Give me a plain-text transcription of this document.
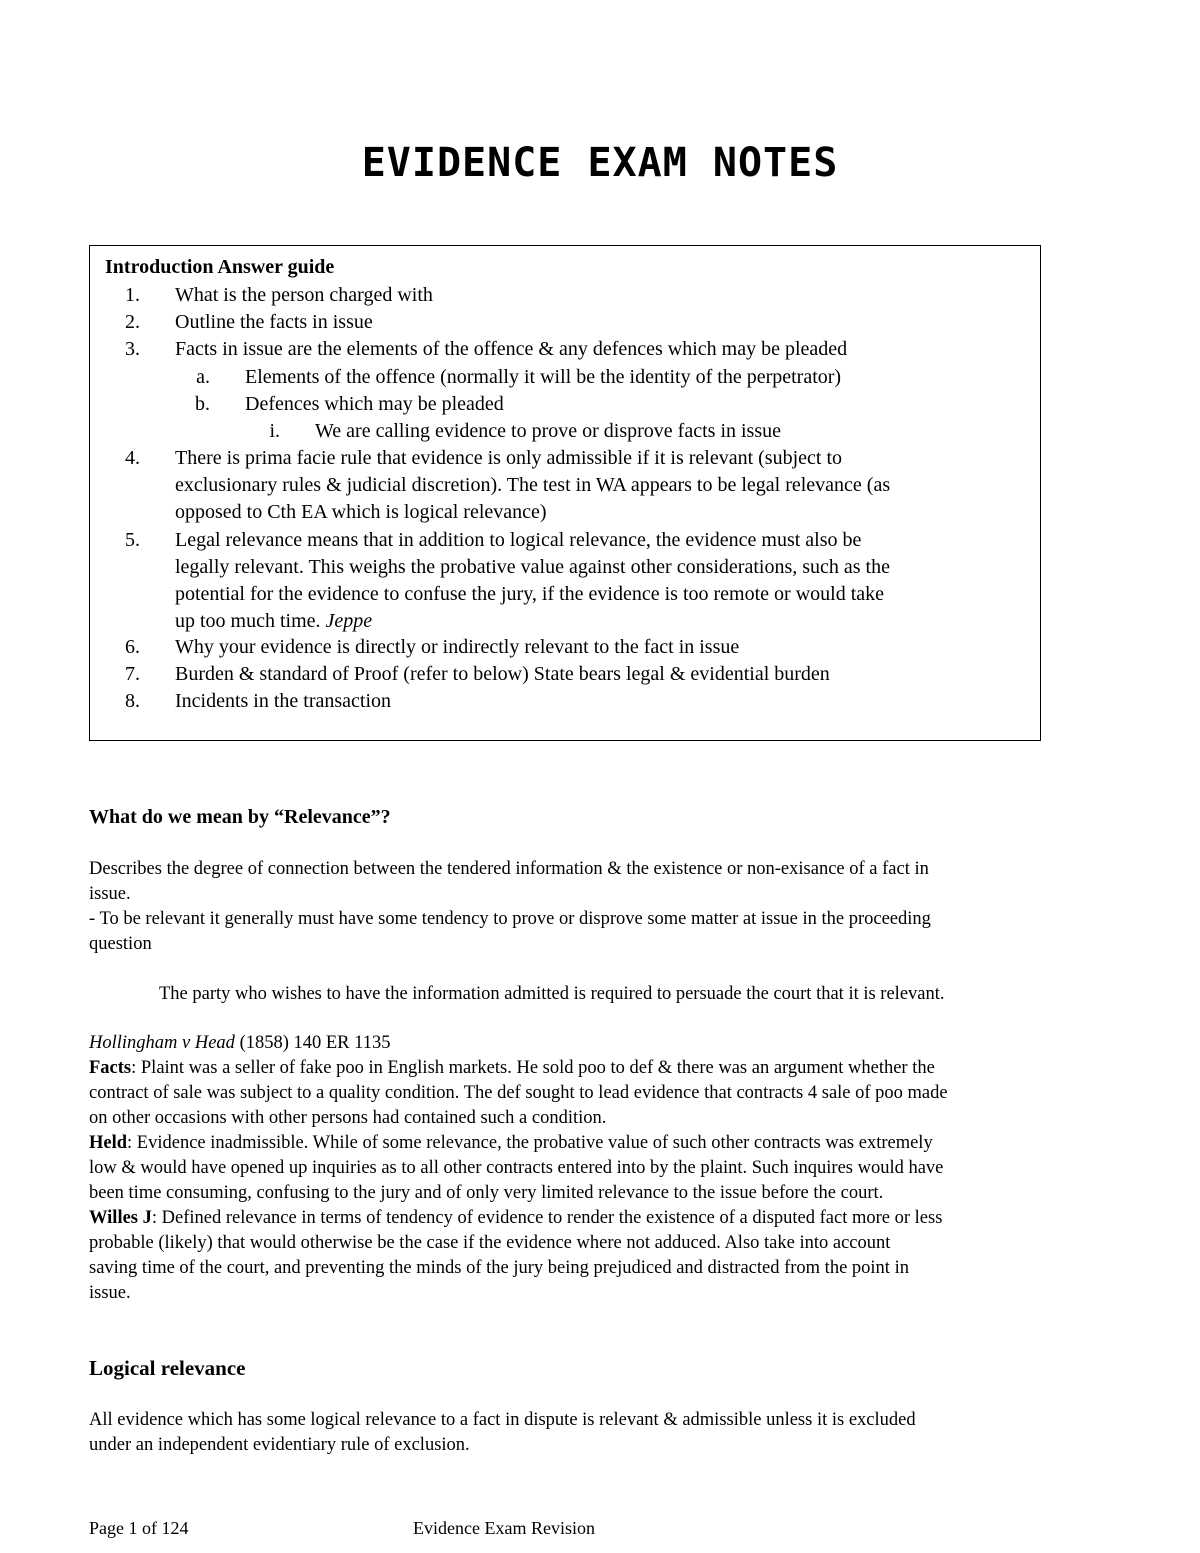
EVIDENCE EXAM NOTES
Introduction Answer guide
1. What is the person charged with
2. Outline the facts in issue
3. Facts in issue are the elements of the offence & any defences which may be pleaded
a. Elements of the offence (normally it will be the identity of the perpetrator)
b. Defences which may be pleaded
i. We are calling evidence to prove or disprove facts in issue
4. There is prima facie rule that evidence is only admissible if it is relevant (subject to
exclusionary rules & judicial discretion). The test in WA appears to be legal relevance (as
opposed to Cth EA which is logical relevance)
5. Legal relevance means that in addition to logical relevance, the evidence must also be
legally relevant. This weighs the probative value against other considerations, such as the
potential for the evidence to confuse the jury, if the evidence is too remote or would take
up too much time. Jeppe
6. Why your evidence is directly or indirectly relevant to the fact in issue
7. Burden & standard of Proof (refer to below) State bears legal & evidential burden
8. Incidents in the transaction
What do we mean by “Relevance”?
Describes the degree of connection between the tendered information & the existence or non-exisance of a fact in
issue.
- To be relevant it generally must have some tendency to prove or disprove some matter at issue in the proceeding
question
The party who wishes to have the information admitted is required to persuade the court that it is relevant.
Hollingham v Head (1858) 140 ER 1135
Facts: Plaint was a seller of fake poo in English markets. He sold poo to def & there was an argument whether the
contract of sale was subject to a quality condition. The def sought to lead evidence that contracts 4 sale of poo made
on other occasions with other persons had contained such a condition.
Held: Evidence inadmissible. While of some relevance, the probative value of such other contracts was extremely
low & would have opened up inquiries as to all other contracts entered into by the plaint. Such inquires would have
been time consuming, confusing to the jury and of only very limited relevance to the issue before the court.
Willes J: Defined relevance in terms of tendency of evidence to render the existence of a disputed fact more or less
probable (likely) that would otherwise be the case if the evidence where not adduced. Also take into account
saving time of the court, and preventing the minds of the jury being prejudiced and distracted from the point in
issue.
Logical relevance
All evidence which has some logical relevance to a fact in dispute is relevant & admissible unless it is excluded
under an independent evidentiary rule of exclusion.
Page 1 of 124	Evidence Exam Revision
